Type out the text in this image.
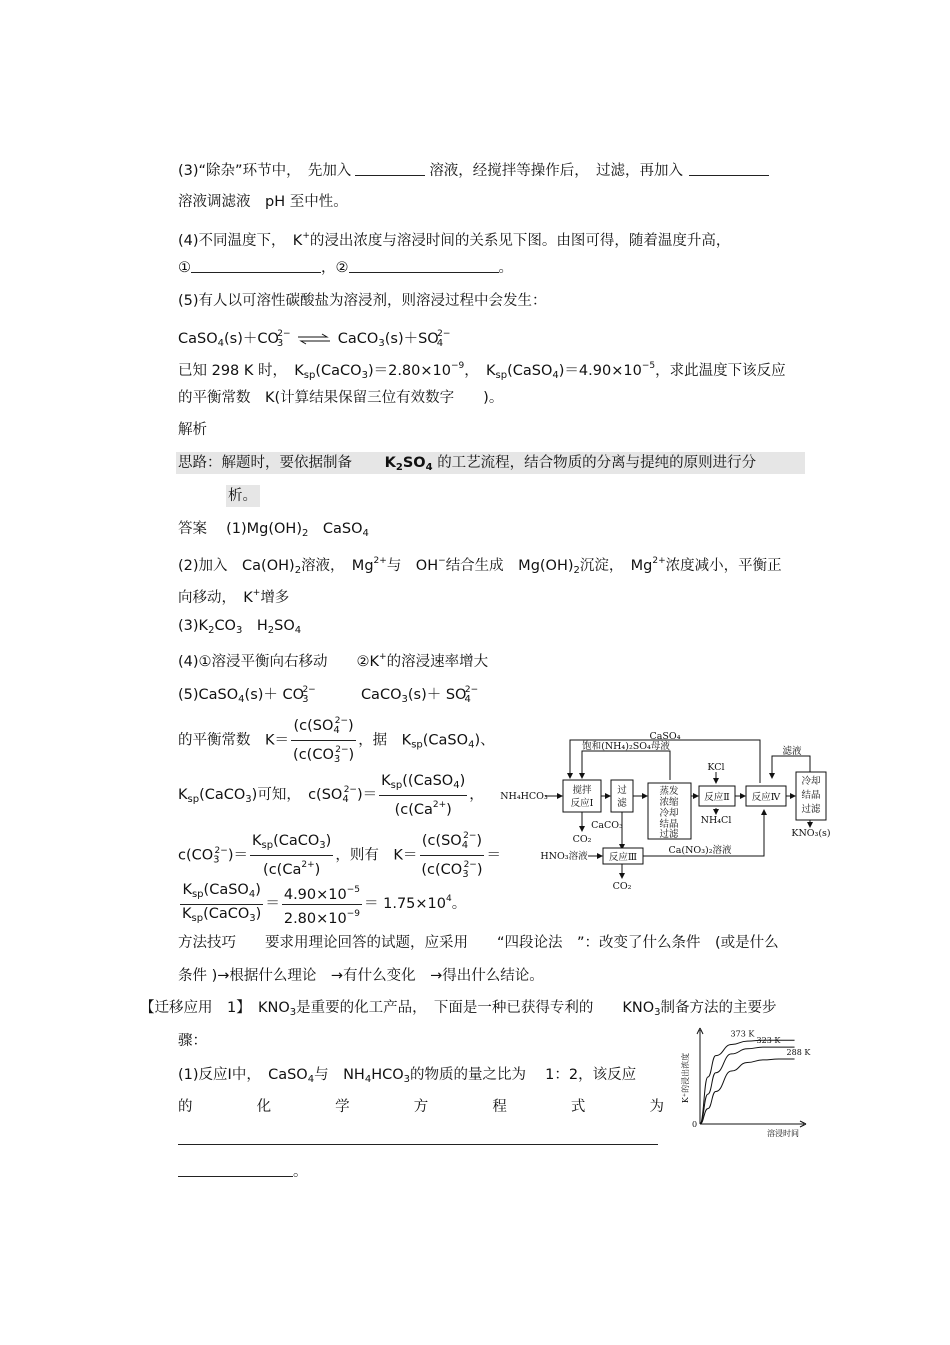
(3)“除杂”环节中，　先加入	溶液，经搅拌等操作后，　过滤，再加入
溶液调滤液　pH 至中性。
(4)不同温度下，　K+的浸出浓度与溶浸时间的关系见下图。由图可得，随着温度升高，
①	，②	。
(5)有人以可溶性碳酸盐为溶浸剂，则溶浸过程中会发生：
$CaSO_4(s)+CO_3^{2-}$ ⇌ $CaCO_3(s)+SO_4^{2-}$
已知 298 K 时，　$K_{sp}(CaCO_3)=2.80\times 10^{-9}$，　$K_{sp}(CaSO_4)=4.90\times 10^{-5}$，求此温度下该反应
的平衡常数　K(计算结果保留三位有效数字　　)。
解析
思路：解题时，要依据制备 $K_2SO_4$ 的工艺流程，结合物质的分离与提纯的原则进行分
析。
答案　 $(1)Mg(OH)_2$　CaSO$_4$
(2)加入　$Ca(OH)_2$溶液，　$Mg^{2+}$与　OH−结合生成　$Mg(OH)_2$沉淀，　$Mg^{2+}$浓度减小，平衡正
向移动，　K+增多
$(3)K_2CO_3$　$H_2SO_4$
(4)①溶浸平衡向右移动　　②K+的溶浸速率增大
(5)CaSO$_4$(s)＋ $CO_3^{2-}$	CaCO$_3$(s)＋ $SO_4^{2-}$
的平衡常数　$K= \frac{(c(SO_4^{2-})}{(c(CO_3^{2-})}$ ，据　$K_{sp}(CaSO_4)$、
$K_{sp}(CaCO_3)$可知，　$c(SO_4^{2-})= \frac{K_{sp}((CaSO_4)}{(c(Ca^{2+})}$ ，
$c(CO_3^{2-})= \frac{K_{sp}(CaCO_3)}{(c(Ca^{2+})}$ ，则有　$K= \frac{(c(SO_4^{2-})}{(c(CO_3^{2-})}$ ＝
$\frac{K_{sp}(CaSO_4)}{K_{sp}(CaCO_3)} = \frac{4.90\times 10^{-5}}{2.80\times 10^{-9}} = 1.75\times 10^4$。
方法技巧　　要求用理论回答的试题，应采用　　“四段论法　”：改变了什么条件　(或是什么
条件 )→根据什么理论　→有什么变化　→得出什么结论。
【迁移应用　1】　$KNO_3$是重要的化工产品，　下面是一种已获得专利的　　$KNO_3$制备方法的主要步
骤：
(1)反应Ⅰ中，　CaSO$_4$与　$NH_4HCO_3$的物质的量之比为　 1：2，该反应
的	化	学	方	程	式	为
。
CaSO₄
饱和(NH₄)₂SO₄母液	滤液
NH₄HCO₃
搅拌
反应Ⅰ
过
滤
蒸发
浓缩
冷却
结晶
过滤
KCl
反应Ⅱ 反应Ⅳ
冷却
结晶
过滤
KNO₃(s)
CO₂
CaCO₃	NH₄Cl
HNO₃溶液 反应Ⅲ
Ca(NO₃)₂溶液
CO₂
373 K
323 K
288 K
K⁺的浸出浓度
溶浸时间
0
